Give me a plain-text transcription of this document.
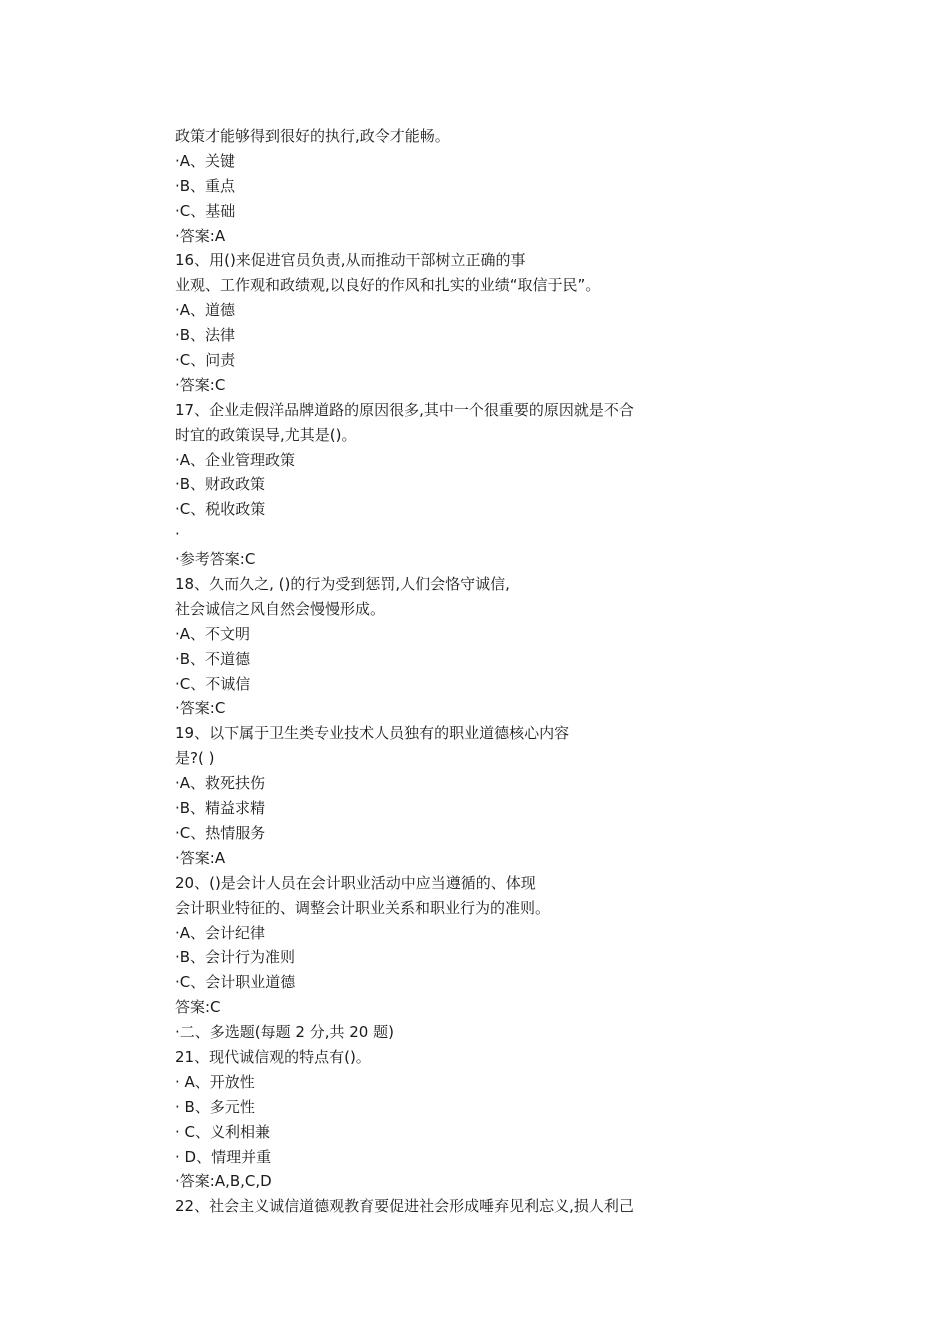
政策才能够得到很好的执行,政令才能畅。
·A、关键
·B、重点
·C、基础
·答案:A
16、用()来促进官员负责,从而推动干部树立正确的事
业观、工作观和政绩观,以良好的作风和扎实的业绩“取信于民”。
·A、道德
·B、法律
·C、问责
·答案:C
17、企业走假洋品牌道路的原因很多,其中一个很重要的原因就是不合
时宜的政策误导,尤其是()。
·A、企业管理政策
·B、财政政策
·C、税收政策
·
·参考答案:C
18、久而久之, ()的行为受到惩罚,人们会恪守诚信,
社会诚信之风自然会慢慢形成。
·A、不文明
·B、不道德
·C、不诚信
·答案:C
19、以下属于卫生类专业技术人员独有的职业道德核心内容
是?( )
·A、救死扶伤
·B、精益求精
·C、热情服务
·答案:A
20、()是会计人员在会计职业活动中应当遵循的、体现
会计职业特征的、调整会计职业关系和职业行为的准则。
·A、会计纪律
·B、会计行为准则
·C、会计职业道德
答案:C
·二、多选题(每题 2 分,共 20 题)
21、现代诚信观的特点有()。
· A、开放性
· B、多元性
· C、义利相兼
· D、情理并重
·答案:A,B,C,D
22、社会主义诚信道德观教育要促进社会形成唾弃见利忘义,损人利己
